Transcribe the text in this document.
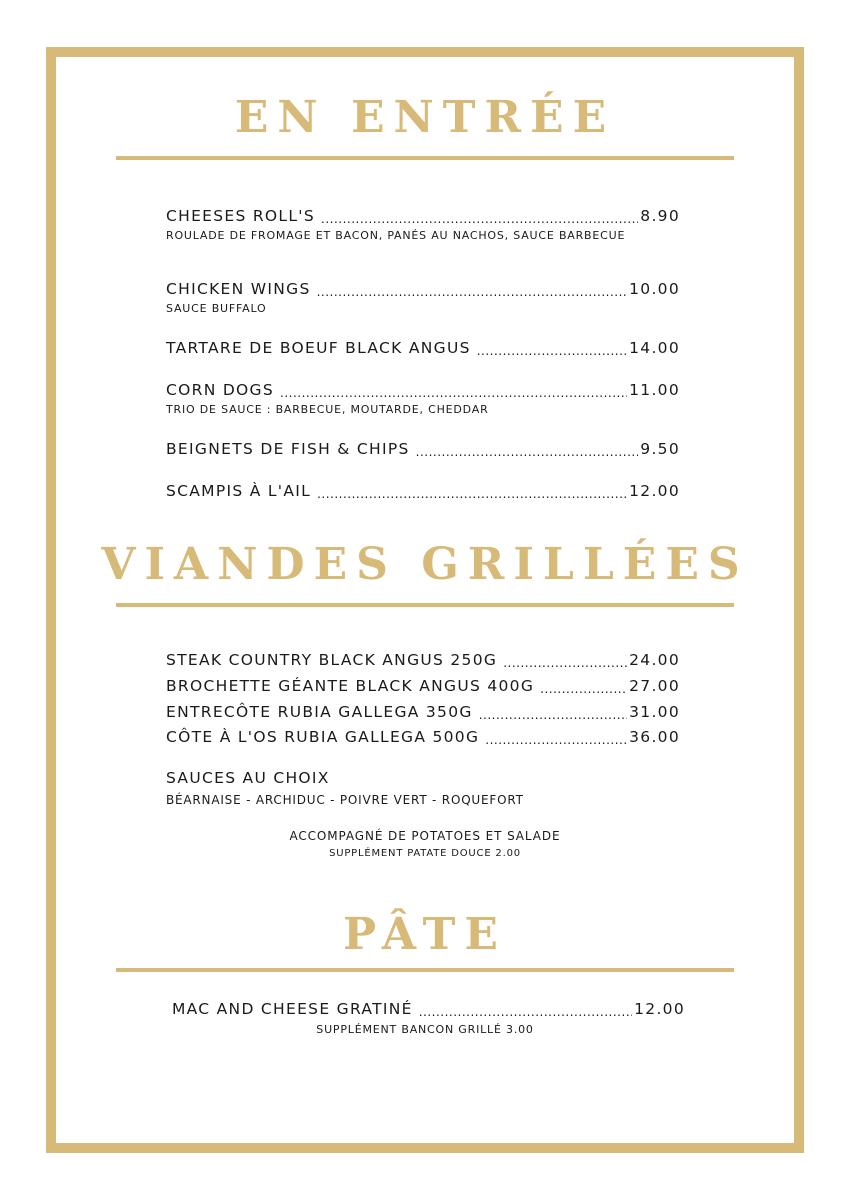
EN ENTRÉE
CHEESES ROLL'S .....	8.90
ROULADE DE FROMAGE ET BACON, PANÉS AU NACHOS, SAUCE BARBECUE
CHICKEN WINGS .....	10.00
SAUCE BUFFALO
TARTARE DE BOEUF BLACK ANGUS .....	14.00
CORN DOGS .....	11.00
TRIO DE SAUCE : BARBECUE, MOUTARDE, CHEDDAR
BEIGNETS DE FISH & CHIPS .....	9.50
SCAMPIS À L'AIL .....	12.00
VIANDES GRILLÉES
STEAK COUNTRY BLACK ANGUS 250G .....	24.00
BROCHETTE GÉANTE BLACK ANGUS 400G .....	27.00
ENTRECÔTE RUBIA GALLEGA 350G .....	31.00
CÔTE À L'OS RUBIA GALLEGA 500G .....	36.00
SAUCES AU CHOIX
BÉARNAISE - ARCHIDUC - POIVRE VERT - ROQUEFORT
ACCOMPAGNÉ DE POTATOES ET SALADE
SUPPLÉMENT PATATE DOUCE 2.00
PÂTE
MAC AND CHEESE GRATINÉ .....	12.00
SUPPLÉMENT BANCON GRILLÉ 3.00
